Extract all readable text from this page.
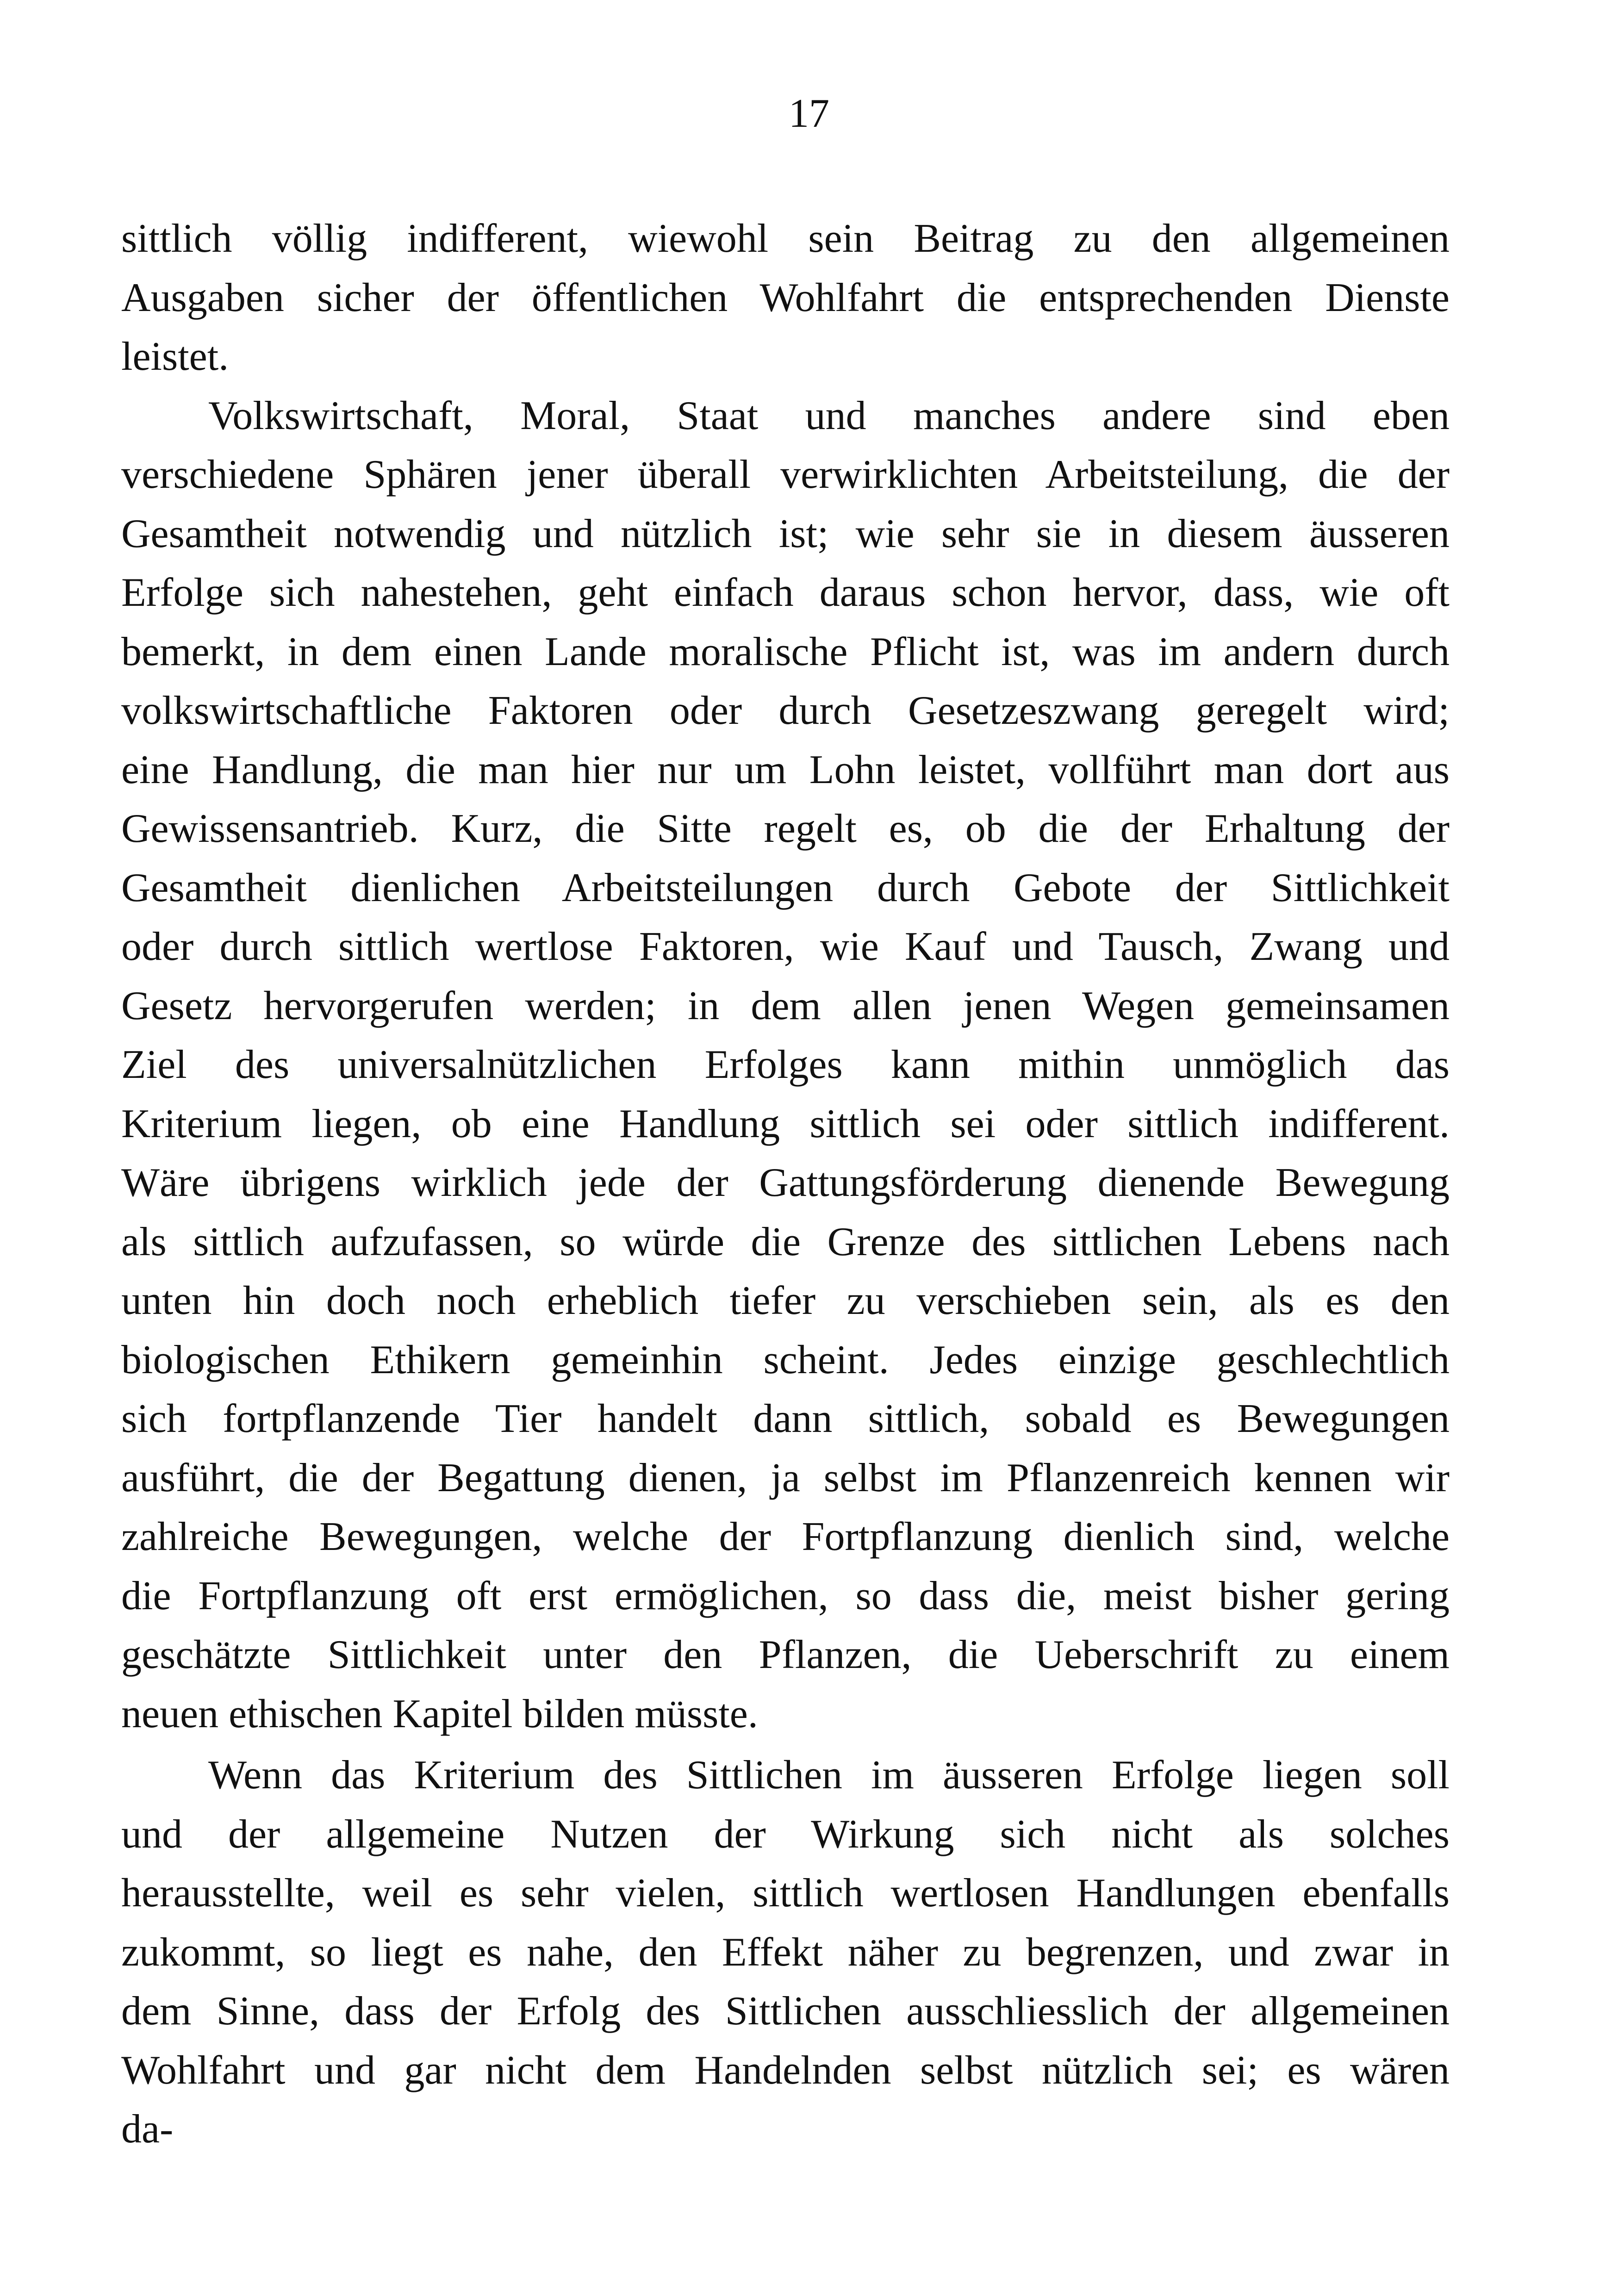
17
sittlich völlig indifferent, wiewohl sein Beitrag zu den allgemeinen
Ausgaben sicher der öffentlichen Wohlfahrt die entsprechenden Dienste
leistet.
Volkswirtschaft, Moral, Staat und manches andere sind eben
verschiedene Sphären jener überall verwirklichten Arbeitsteilung, die der
Gesamtheit notwendig und nützlich ist; wie sehr sie in diesem äusseren
Erfolge sich nahestehen, geht einfach daraus schon hervor, dass, wie oft
bemerkt, in dem einen Lande moralische Pflicht ist, was im andern durch
volkswirtschaftliche Faktoren oder durch Gesetzeszwang geregelt wird;
eine Handlung, die man hier nur um Lohn leistet, vollführt man dort aus
Gewissensantrieb. Kurz, die Sitte regelt es, ob die der Erhaltung der
Gesamtheit dienlichen Arbeitsteilungen durch Gebote der Sittlichkeit
oder durch sittlich wertlose Faktoren, wie Kauf und Tausch, Zwang und
Gesetz hervorgerufen werden; in dem allen jenen Wegen gemeinsamen
Ziel des universalnützlichen Erfolges kann mithin unmöglich das
Kriterium liegen, ob eine Handlung sittlich sei oder sittlich indifferent.
Wäre übrigens wirklich jede der Gattungsförderung dienende Bewegung
als sittlich aufzufassen, so würde die Grenze des sittlichen Lebens nach
unten hin doch noch erheblich tiefer zu verschieben sein, als es den
biologischen Ethikern gemeinhin scheint. Jedes einzige geschlechtlich
sich fortpflanzende Tier handelt dann sittlich, sobald es Bewegungen
ausführt, die der Begattung dienen, ja selbst im Pflanzenreich kennen wir
zahlreiche Bewegungen, welche der Fortpflanzung dienlich sind, welche
die Fortpflanzung oft erst ermöglichen, so dass die, meist bisher gering
geschätzte Sittlichkeit unter den Pflanzen, die Ueberschrift zu einem
neuen ethischen Kapitel bilden müsste.
Wenn das Kriterium des Sittlichen im äusseren Erfolge liegen soll
und der allgemeine Nutzen der Wirkung sich nicht als solches
herausstellte, weil es sehr vielen, sittlich wertlosen Handlungen ebenfalls
zukommt, so liegt es nahe, den Effekt näher zu begrenzen, und zwar in
dem Sinne, dass der Erfolg des Sittlichen ausschliesslich der allgemeinen
Wohlfahrt und gar nicht dem Handelnden selbst nützlich sei; es wären
da-
